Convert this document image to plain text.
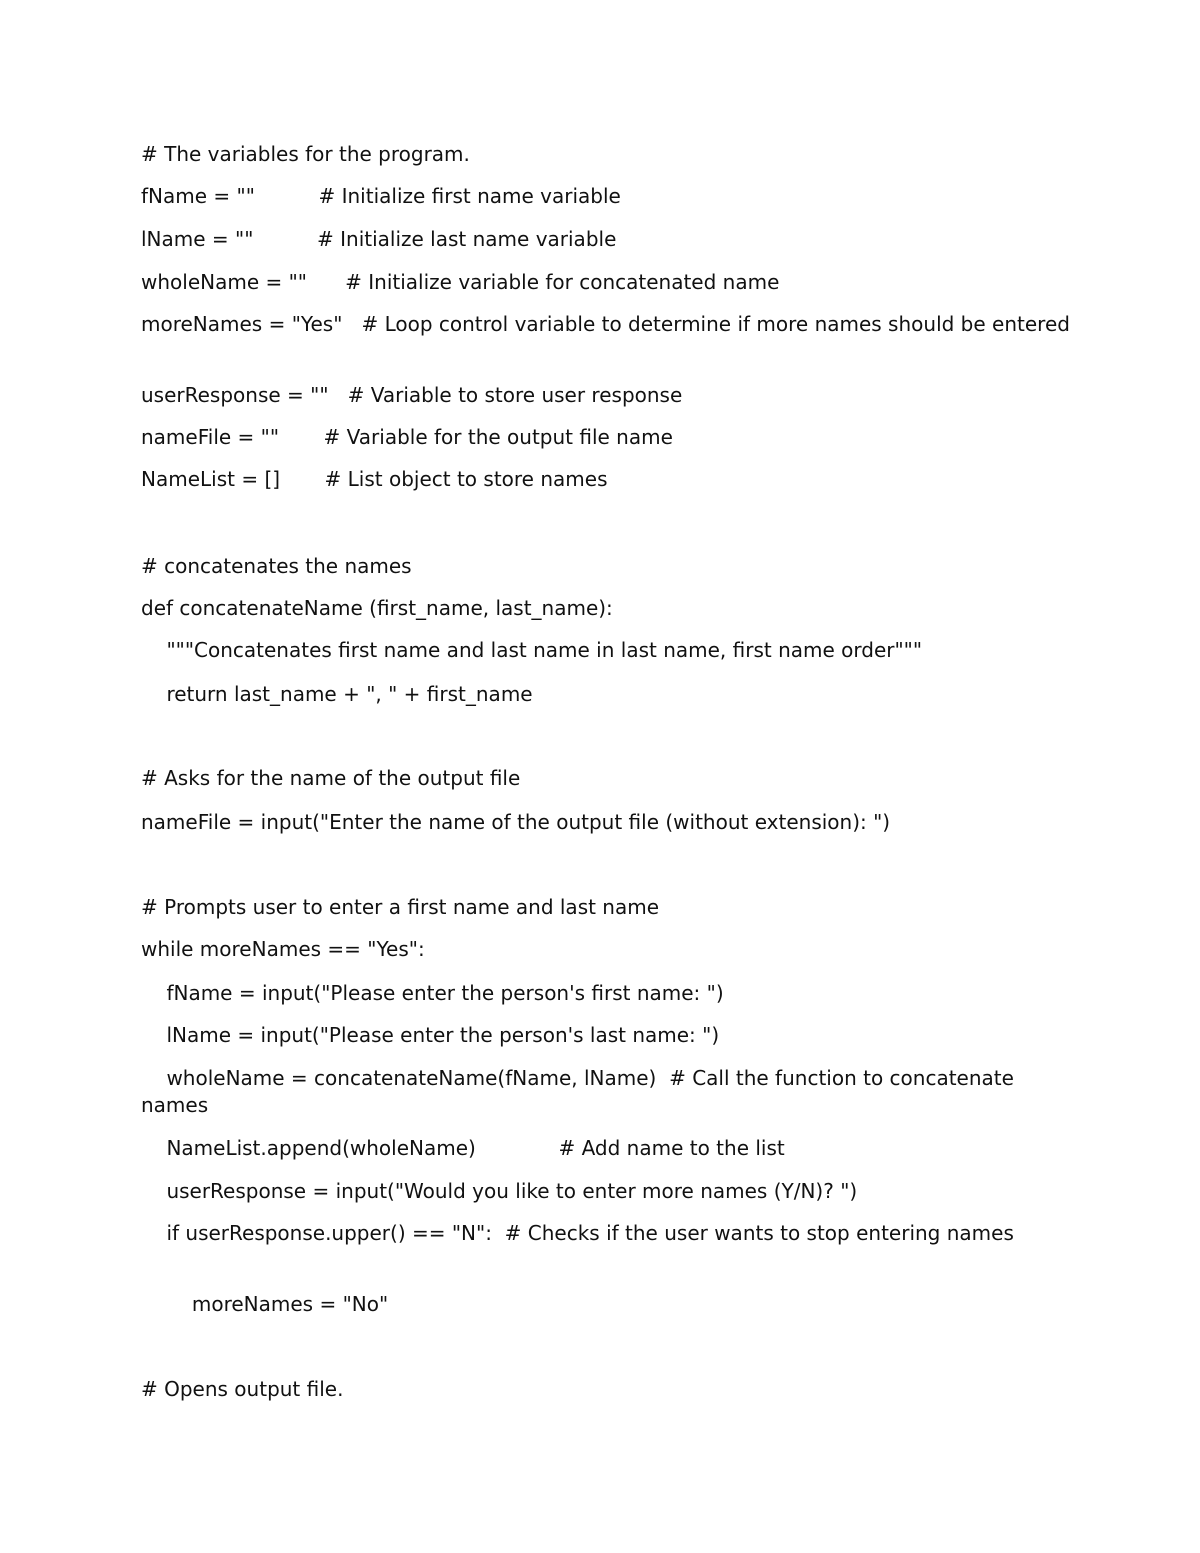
# The variables for the program.
fName = ""          # Initialize first name variable
lName = ""          # Initialize last name variable
wholeName = ""      # Initialize variable for concatenated name
moreNames = "Yes"   # Loop control variable to determine if more names should be entered
userResponse = ""   # Variable to store user response
nameFile = ""       # Variable for the output file name
NameList = []       # List object to store names
# concatenates the names
def concatenateName (first_name, last_name):
"""Concatenates first name and last name in last name, first name order"""
return last_name + ", " + first_name
# Asks for the name of the output file
nameFile = input("Enter the name of the output file (without extension): ")
# Prompts user to enter a first name and last name
while moreNames == "Yes":
fName = input("Please enter the person's first name: ")
lName = input("Please enter the person's last name: ")
wholeName = concatenateName(fName, lName)  # Call the function to concatenate names
NameList.append(wholeName)             # Add name to the list
userResponse = input("Would you like to enter more names (Y/N)? ")
if userResponse.upper() == "N":  # Checks if the user wants to stop entering names
moreNames = "No"
# Opens output file.
